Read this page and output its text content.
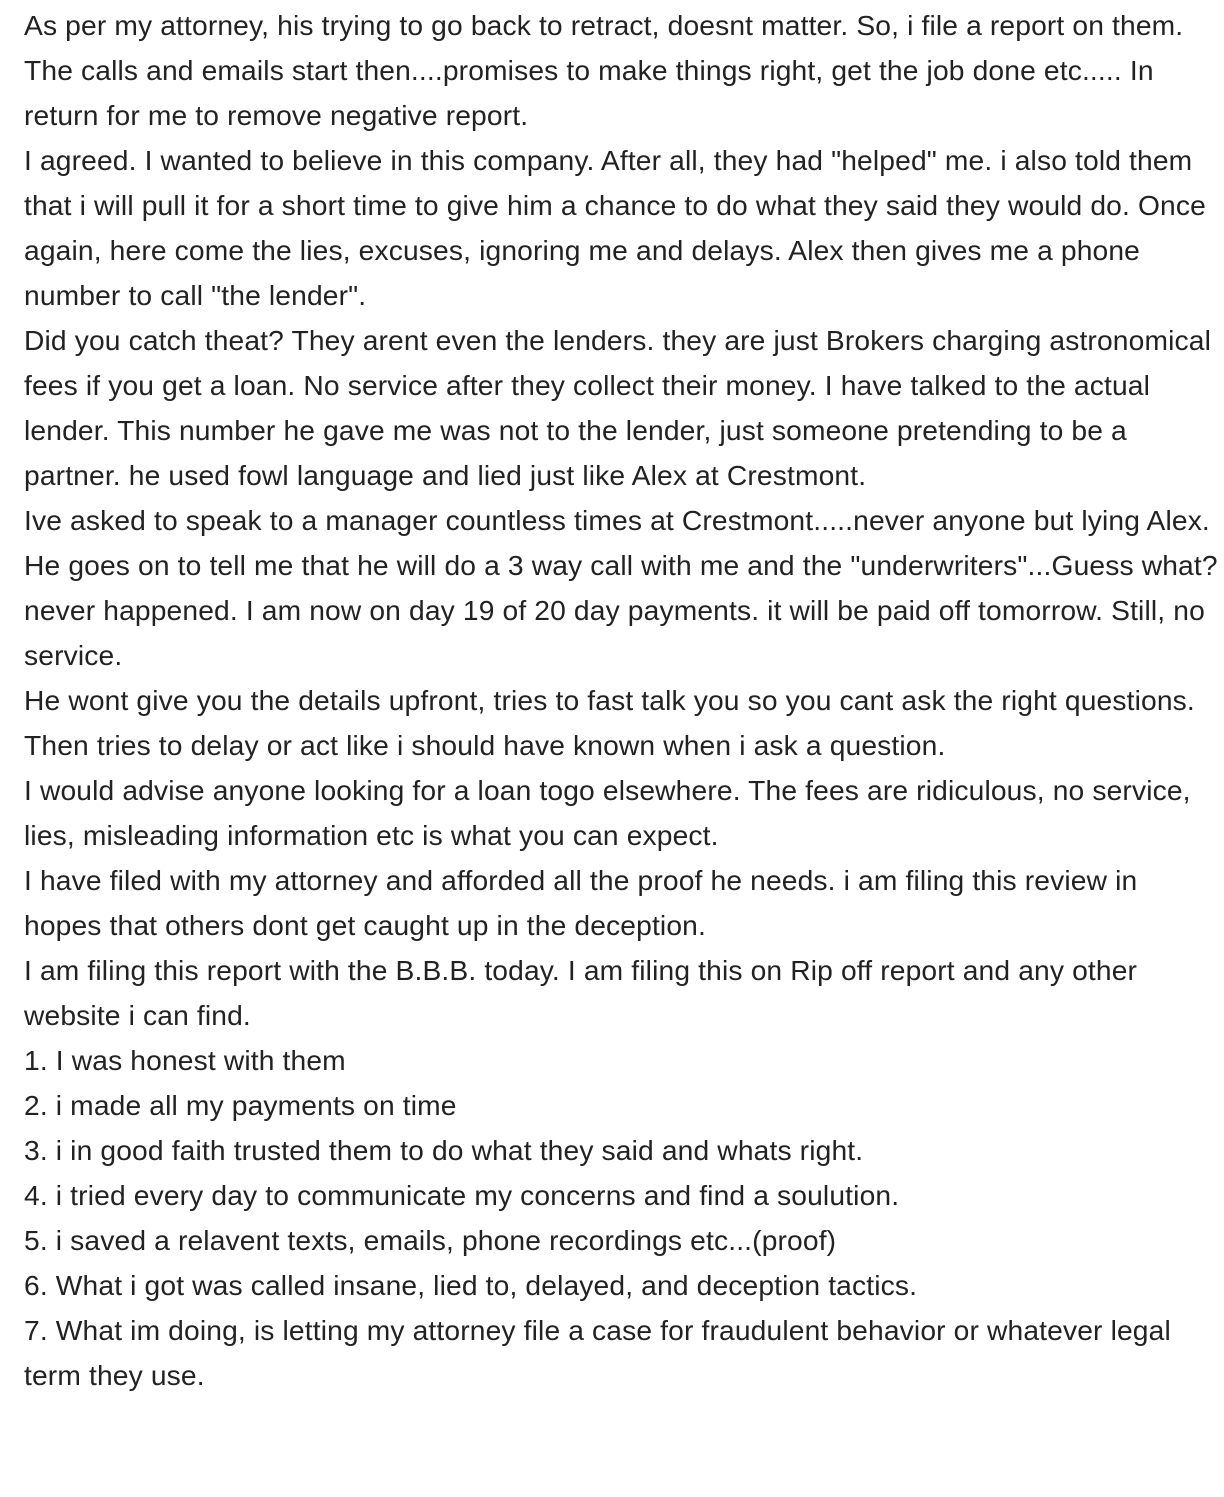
As per my attorney, his trying to go back to retract, doesnt matter. So, i file a report on them. The calls and emails start then....promises to make things right, get the job done etc..... In return for me to remove negative report.

I agreed. I wanted to believe in this company. After all, they had "helped" me. i also told them that i will pull it for a short time to give him a chance to do what they said they would do. Once again, here come the lies, excuses, ignoring me and delays. Alex then gives me a phone number to call "the lender".

Did you catch theat? They arent even the lenders. they are just Brokers charging astronomical fees if you get a loan. No service after they collect their money. I have talked to the actual lender. This number he gave me was not to the lender, just someone pretending to be a partner. he used fowl language and lied just like Alex at Crestmont.

Ive asked to speak to a manager countless times at Crestmont.....never anyone but lying Alex. He goes on to tell me that he will do a 3 way call with me and the "underwriters"...Guess what? never happened. I am now on day 19 of 20 day payments. it will be paid off tomorrow. Still, no service.

He wont give you the details upfront, tries to fast talk you so you cant ask the right questions. Then tries to delay or act like i should have known when i ask a question.

I would advise anyone looking for a loan togo elsewhere. The fees are ridiculous, no service, lies, misleading information etc is what you can expect.

I have filed with my attorney and afforded all the proof he needs. i am filing this review in hopes that others dont get caught up in the deception.

I am filing this report with the B.B.B. today. I am filing this on Rip off report and any other website i can find.

1. I was honest with them
2. i made all my payments on time
3. i in good faith trusted them to do what they said and whats right.
4. i tried every day to communicate my concerns and find a soulution.
5. i saved a relavent texts, emails, phone recordings etc...(proof)
6. What i got was called insane, lied to, delayed, and deception tactics.
7. What im doing, is letting my attorney file a case for fraudulent behavior or whatever legal term they use.
